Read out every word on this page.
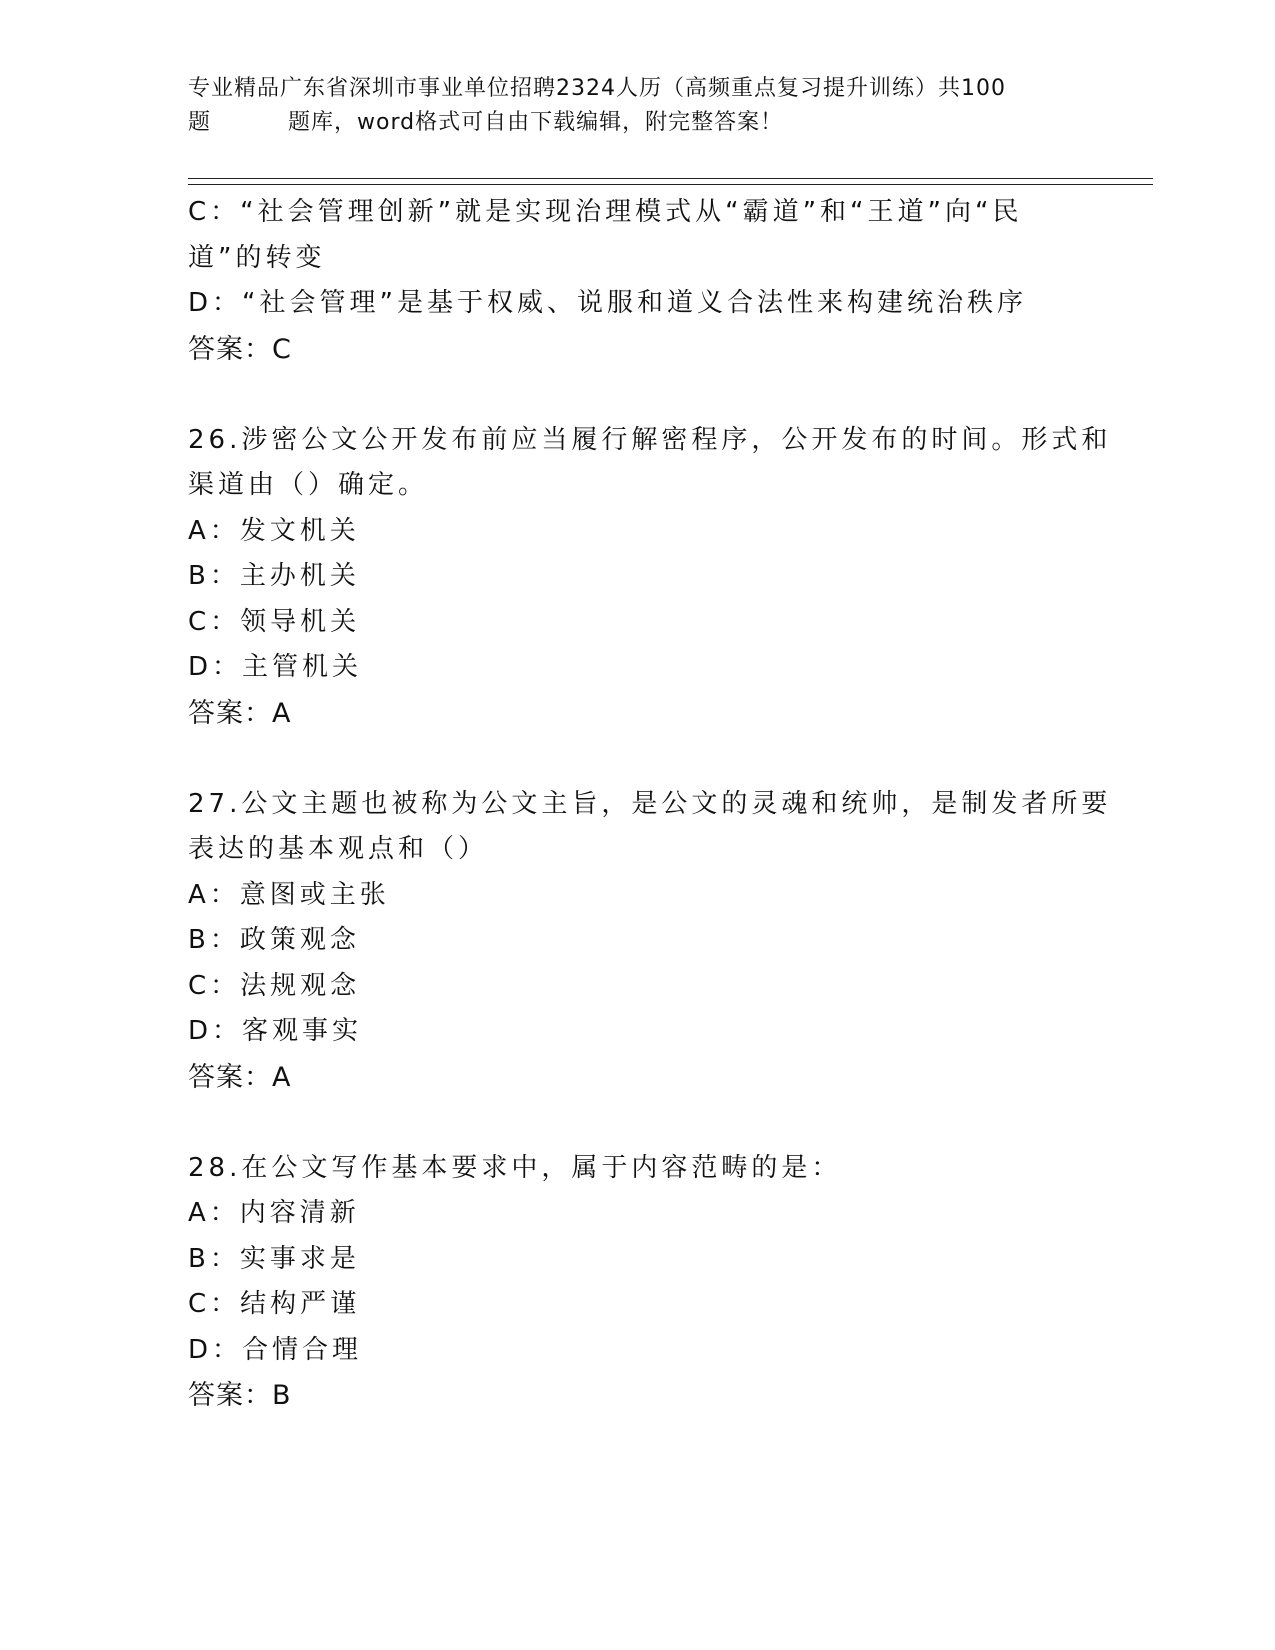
专业精品广东省深圳市事业单位招聘2324人历（高频重点复习提升训练）共100
题	题库，word格式可自由下载编辑，附完整答案！
C：“社会管理创新”就是实现治理模式从“霸道”和“王道”向“民
道”的转变
D：“社会管理”是基于权威、说服和道义合法性来构建统治秩序
答案：C
26.涉密公文公开发布前应当履行解密程序，公开发布的时间。形式和
渠道由（）确定。
A：发文机关
B：主办机关
C：领导机关
D：主管机关
答案：A
27.公文主题也被称为公文主旨，是公文的灵魂和统帅，是制发者所要
表达的基本观点和（）
A：意图或主张
B：政策观念
C：法规观念
D：客观事实
答案：A
28.在公文写作基本要求中，属于内容范畴的是：
A：内容清新
B：实事求是
C：结构严谨
D：合情合理
答案：B
